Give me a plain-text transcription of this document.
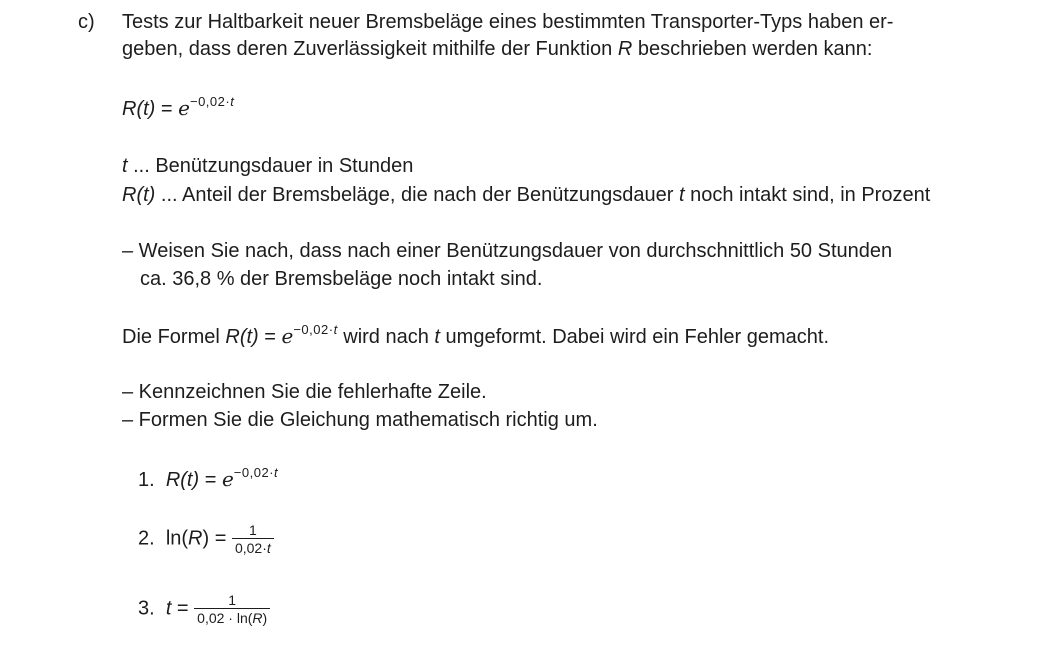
c) Tests zur Haltbarkeit neuer Bremsbeläge eines bestimmten Transporter-Typs haben er-
geben, dass deren Zuverlässigkeit mithilfe der Funktion R beschrieben werden kann:
$R(t) = e^{-0,02\cdot t}$
t ... Benützungsdauer in Stunden
R(t) ... Anteil der Bremsbeläge, die nach der Benützungsdauer t noch intakt sind, in Prozent
– Weisen Sie nach, dass nach einer Benützungsdauer von durchschnittlich 50 Stunden
ca. 36,8 % der Bremsbeläge noch intakt sind.
Die Formel $R(t) = e^{-0,02\cdot t}$ wird nach t umgeformt. Dabei wird ein Fehler gemacht.
– Kennzeichnen Sie die fehlerhafte Zeile.
– Formen Sie die Gleichung mathematisch richtig um.
1. $R(t) = e^{-0,02\cdot t}$
2. $\ln(R) = \frac{1}{0,02\cdot t}$
3. $t = \frac{1}{0,02 \cdot \ln(R)}$
